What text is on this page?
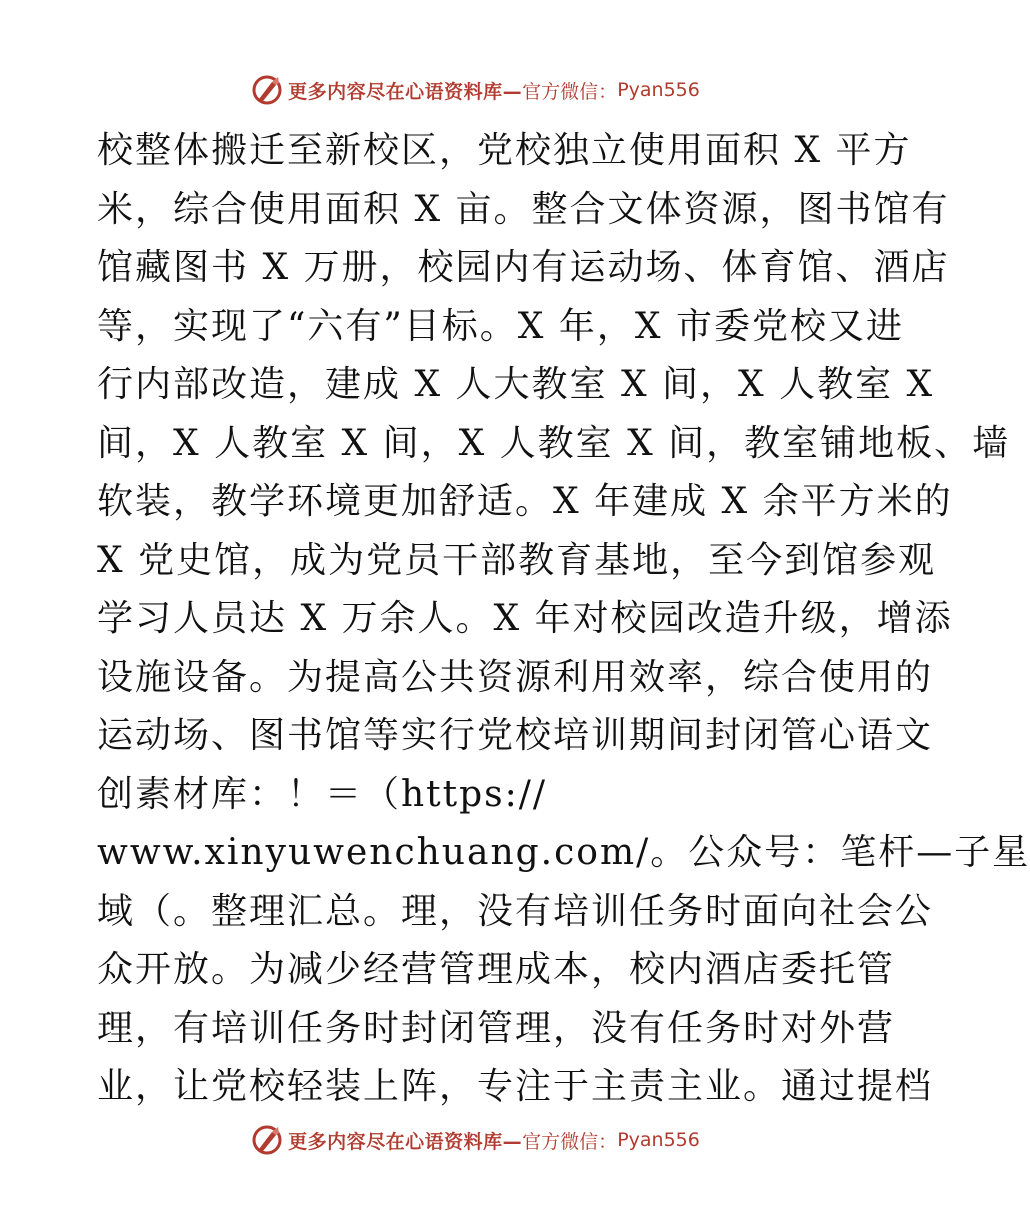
更多内容尽在心语资料库— 官方微信： Pyan556
校整体搬迁至新校区，党校独立使用面积 X 平方
米，综合使用面积 X 亩。整合文体资源，图书馆有
馆藏图书 X 万册，校园内有运动场、体育馆、酒店
等，实现了“六有”目标。X 年，X 市委党校又进
行内部改造，建成 X 人大教室 X 间，X 人教室 X
间，X 人教室 X 间，X 人教室 X 间，教室铺地板、墙
软装，教学环境更加舒适。X 年建成 X 余平方米的
X 党史馆，成为党员干部教育基地，至今到馆参观
学习人员达 X 万余人。X 年对校园改造升级，增添
设施设备。为提高公共资源利用效率，综合使用的
运动场、图书馆等实行党校培训期间封闭管心语文
创素材库：！＝（https://
www.xinyuwenchuang.com/。公众号：笔杆—子星
域（。整理汇总。理，没有培训任务时面向社会公
众开放。为减少经营管理成本，校内酒店委托管
理，有培训任务时封闭管理，没有任务时对外营
业，让党校轻装上阵，专注于主责主业。通过提档
更多内容尽在心语资料库— 官方微信： Pyan556
